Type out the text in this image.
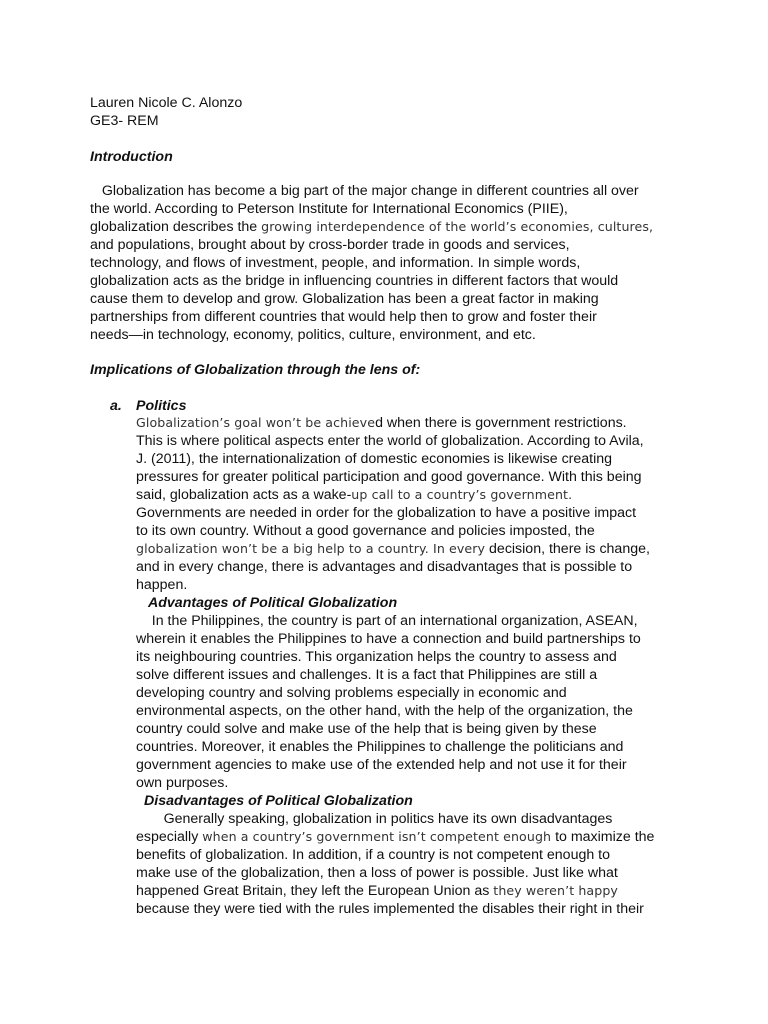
Lauren Nicole C. Alonzo
GE3- REM
Introduction
Globalization has become a big part of the major change in different countries all over
the world. According to Peterson Institute for International Economics (PIIE),
globalization describes the growing interdependence of the world’s economies, cultures,
and populations, brought about by cross-border trade in goods and services,
technology, and flows of investment, people, and information. In simple words,
globalization acts as the bridge in influencing countries in different factors that would
cause them to develop and grow. Globalization has been a great factor in making
partnerships from different countries that would help then to grow and foster their
needs—in technology, economy, politics, culture, environment, and etc.
Implications of Globalization through the lens of:
a. Politics
Globalization’s goal won’t be achieved when there is government restrictions.
This is where political aspects enter the world of globalization. According to Avila,
J. (2011), the internationalization of domestic economies is likewise creating
pressures for greater political participation and good governance. With this being
said, globalization acts as a wake-up call to a country’s government.
Governments are needed in order for the globalization to have a positive impact
to its own country. Without a good governance and policies imposted, the
globalization won’t be a big help to a country. In every decision, there is change,
and in every change, there is advantages and disadvantages that is possible to
happen.
Advantages of Political Globalization
In the Philippines, the country is part of an international organization, ASEAN,
wherein it enables the Philippines to have a connection and build partnerships to
its neighbouring countries. This organization helps the country to assess and
solve different issues and challenges. It is a fact that Philippines are still a
developing country and solving problems especially in economic and
environmental aspects, on the other hand, with the help of the organization, the
country could solve and make use of the help that is being given by these
countries. Moreover, it enables the Philippines to challenge the politicians and
government agencies to make use of the extended help and not use it for their
own purposes.
Disadvantages of Political Globalization
Generally speaking, globalization in politics have its own disadvantages
especially when a country’s government isn’t competent enough to maximize the
benefits of globalization. In addition, if a country is not competent enough to
make use of the globalization, then a loss of power is possible. Just like what
happened Great Britain, they left the European Union as they weren’t happy
because they were tied with the rules implemented the disables their right in their
